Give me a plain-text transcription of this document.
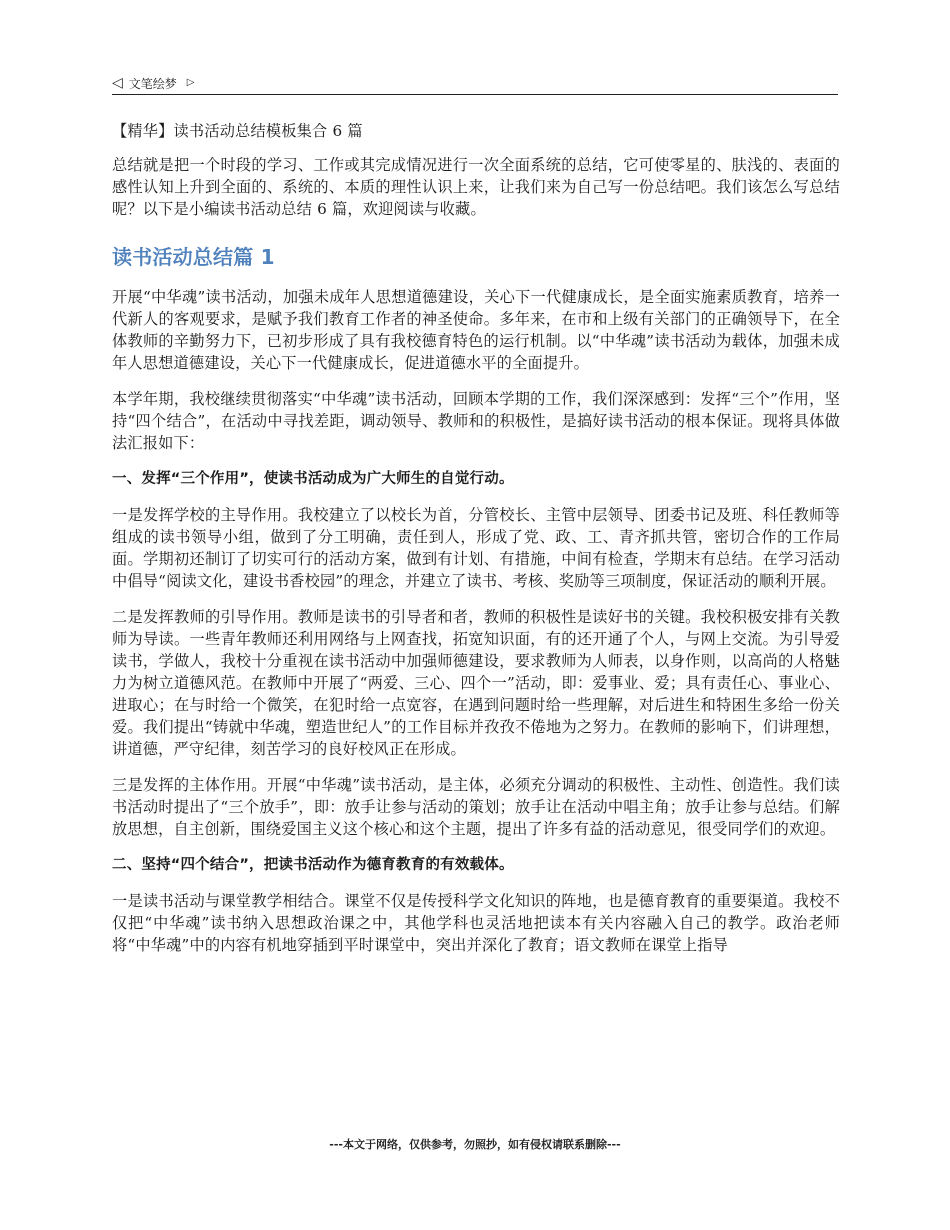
◁ 文笔绘梦 ▷
【精华】读书活动总结模板集合 6 篇

总结就是把一个时段的学习、工作或其完成情况进行一次全面系统的总结，它可使零星的、肤浅的、表面的感性认知上升到全面的、系统的、本质的理性认识上来，让我们来为自己写一份总结吧。我们该怎么写总结呢？以下是小编读书活动总结 6 篇，欢迎阅读与收藏。

读书活动总结篇 1

开展“中华魂”读书活动，加强未成年人思想道德建设，关心下一代健康成长，是全面实施素质教育，培养一代新人的客观要求，是赋予我们教育工作者的神圣使命。多年来，在市和上级有关部门的正确领导下，在全体教师的辛勤努力下，已初步形成了具有我校德育特色的运行机制。以“中华魂”读书活动为载体，加强未成年人思想道德建设，关心下一代健康成长，促进道德水平的全面提升。

本学年期，我校继续贯彻落实“中华魂”读书活动，回顾本学期的工作，我们深深感到：发挥“三个”作用，坚持“四个结合”，在活动中寻找差距，调动领导、教师和的积极性，是搞好读书活动的根本保证。现将具体做法汇报如下：

一、发挥“三个作用”，使读书活动成为广大师生的自觉行动。

一是发挥学校的主导作用。我校建立了以校长为首，分管校长、主管中层领导、团委书记及班、科任教师等组成的读书领导小组，做到了分工明确，责任到人，形成了党、政、工、青齐抓共管，密切合作的工作局面。学期初还制订了切实可行的活动方案，做到有计划、有措施，中间有检查，学期末有总结。在学习活动中倡导“阅读文化，建设书香校园”的理念，并建立了读书、考核、奖励等三项制度，保证活动的顺利开展。

二是发挥教师的引导作用。教师是读书的引导者和者，教师的积极性是读好书的关键。我校积极安排有关教师为导读。一些青年教师还利用网络与上网查找，拓宽知识面，有的还开通了个人，与网上交流。为引导爱读书，学做人，我校十分重视在读书活动中加强师德建设，要求教师为人师表，以身作则，以高尚的人格魅力为树立道德风范。在教师中开展了“两爱、三心、四个一”活动，即：爱事业、爱；具有责任心、事业心、进取心；在与时给一个微笑，在犯时给一点宽容，在遇到问题时给一些理解，对后进生和特困生多给一份关爱。我们提出“铸就中华魂，塑造世纪人”的工作目标并孜孜不倦地为之努力。在教师的影响下，们讲理想，讲道德，严守纪律，刻苦学习的良好校风正在形成。

三是发挥的主体作用。开展“中华魂”读书活动，是主体，必须充分调动的积极性、主动性、创造性。我们读书活动时提出了“三个放手”，即：放手让参与活动的策划；放手让在活动中唱主角；放手让参与总结。们解放思想，自主创新，围绕爱国主义这个核心和这个主题，提出了许多有益的活动意见，很受同学们的欢迎。

二、坚持“四个结合”，把读书活动作为德育教育的有效载体。

一是读书活动与课堂教学相结合。课堂不仅是传授科学文化知识的阵地，也是德育教育的重要渠道。我校不仅把“中华魂”读书纳入思想政治课之中，其他学科也灵活地把读本有关内容融入自己的教学。政治老师将“中华魂”中的内容有机地穿插到平时课堂中，突出并深化了教育；语文教师在课堂上指导

---本文于网络，仅供参考，勿照抄，如有侵权请联系删除---
